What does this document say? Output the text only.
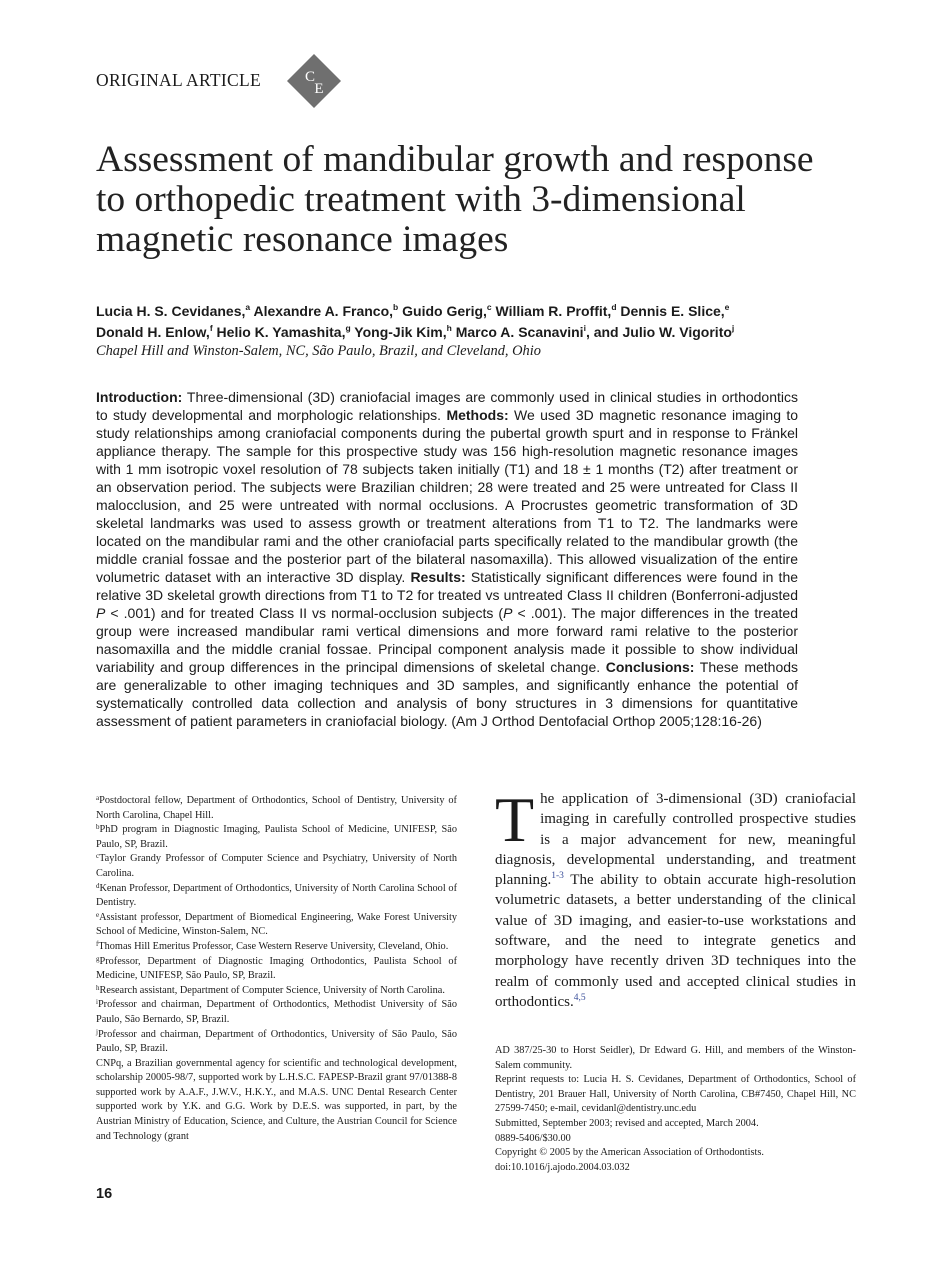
ORIGINAL ARTICLE	C
E
Assessment of mandibular growth and response to orthopedic treatment with 3-dimensional magnetic resonance images
Lucia H. S. Cevidanes,$^a$ Alexandre A. Franco,$^b$ Guido Gerig,$^c$ William R. Proffit,$^d$ Dennis E. Slice,$^e$
Donald H. Enlow,$^f$ Helio K. Yamashita,$^g$ Yong-Jik Kim,$^h$ Marco A. Scanavini$^i$, and Julio W. Vigorito$^j$
Chapel Hill and Winston-Salem, NC, São Paulo, Brazil, and Cleveland, Ohio

Introduction: Three-dimensional (3D) craniofacial images are commonly used in clinical studies in orthodontics to study developmental and morphologic relationships. Methods: We used 3D magnetic resonance imaging to study relationships among craniofacial components during the pubertal growth spurt and in response to Fränkel appliance therapy. The sample for this prospective study was 156 high-resolution magnetic resonance images with 1 mm isotropic voxel resolution of 78 subjects taken initially (T1) and 18 ± 1 months (T2) after treatment or an observation period. The subjects were Brazilian children; 28 were treated and 25 were untreated for Class II malocclusion, and 25 were untreated with normal occlusions. A Procrustes geometric transformation of 3D skeletal landmarks was used to assess growth or treatment alterations from T1 to T2. The landmarks were located on the mandibular rami and the other craniofacial parts specifically related to the mandibular growth (the middle cranial fossae and the posterior part of the bilateral nasomaxilla). This allowed visualization of the entire volumetric dataset with an interactive 3D display. Results: Statistically significant differences were found in the relative 3D skeletal growth directions from T1 to T2 for treated vs untreated Class II children (Bonferroni-adjusted P < .001) and for treated Class II vs normal-occlusion subjects (P < .001). The major differences in the treated group were increased mandibular rami vertical dimensions and more forward rami relative to the posterior nasomaxilla and the middle cranial fossae. Principal component analysis made it possible to show individual variability and group differences in the principal dimensions of skeletal change. Conclusions: These methods are generalizable to other imaging techniques and 3D samples, and significantly enhance the potential of systematically controlled data collection and analysis of bony structures in 3 dimensions for quantitative assessment of patient parameters in craniofacial biology. (Am J Orthod Dentofacial Orthop 2005;128:16-26)

$^a$Postdoctoral fellow, Department of Orthodontics, School of Dentistry, University of North Carolina, Chapel Hill.

$^b$PhD program in Diagnostic Imaging, Paulista School of Medicine, UNIFESP, São Paulo, SP, Brazil.

$^c$Taylor Grandy Professor of Computer Science and Psychiatry, University of North Carolina.

$^d$Kenan Professor, Department of Orthodontics, University of North Carolina School of Dentistry.

$^e$Assistant professor, Department of Biomedical Engineering, Wake Forest University School of Medicine, Winston-Salem, NC.

$^f$Thomas Hill Emeritus Professor, Case Western Reserve University, Cleveland, Ohio.

$^g$Professor, Department of Diagnostic Imaging Orthodontics, Paulista School of Medicine, UNIFESP, São Paulo, SP, Brazil.

$^h$Research assistant, Department of Computer Science, University of North Carolina.

$^i$Professor and chairman, Department of Orthodontics, Methodist University of São Paulo, São Bernardo, SP, Brazil.

$^j$Professor and chairman, Department of Orthodontics, University of São Paulo, São Paulo, SP, Brazil.

CNPq, a Brazilian governmental agency for scientific and technological development, scholarship 20005-98/7, supported work by L.H.S.C. FAPESP-Brazil grant 97/01388-8 supported work by A.A.F., J.W.V., H.K.Y., and M.A.S. UNC Dental Research Center supported work by Y.K. and G.G. Work by D.E.S. was supported, in part, by the Austrian Ministry of Education, Science, and Culture, the Austrian Council for Science and Technology (grant

The application of 3-dimensional (3D) craniofacial imaging in carefully controlled prospective studies is a major advancement for new, meaningful diagnosis, developmental understanding, and treatment planning.$^{1-3}$ The ability to obtain accurate high-resolution volumetric datasets, a better understanding of the clinical value of 3D imaging, and easier-to-use workstations and software, and the need to integrate genetics and morphology have recently driven 3D techniques into the realm of commonly used and accepted clinical studies in orthodontics.$^{4,5}$

AD 387/25-30 to Horst Seidler), Dr Edward G. Hill, and members of the Winston-Salem community.

Reprint requests to: Lucia H. S. Cevidanes, Department of Orthodontics, School of Dentistry, 201 Brauer Hall, University of North Carolina, CB#7450, Chapel Hill, NC 27599-7450; e-mail, cevidanl@dentistry.unc.edu

Submitted, September 2003; revised and accepted, March 2004.

0889-5406/$30.00

Copyright © 2005 by the American Association of Orthodontists.

doi:10.1016/j.ajodo.2004.03.032

16
